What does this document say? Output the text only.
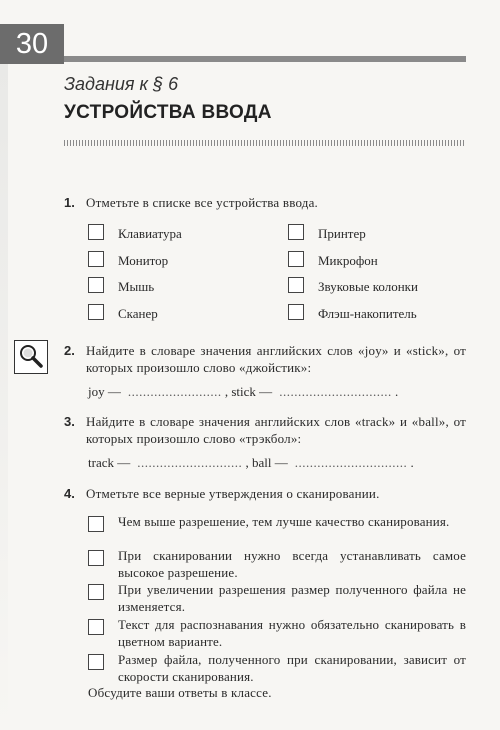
30
Задания к § 6
УСТРОЙСТВА ВВОДА
1. Отметьте в списке все устройства ввода.
Клавиатура
Монитор
Мышь
Сканер
Принтер
Микрофон
Звуковые колонки
Флэш-накопитель
2. Найдите в словаре значения английских слов «joy» и «stick», от которых произошло слово «джойстик»:
joy —  ......................... , stick —  .............................. .
3. Найдите в словаре значения английских слов «track» и «ball», от которых произошло слово «трэкбол»:
track —  ............................ , ball —  .............................. .
4. Отметьте все верные утверждения о сканировании.
Чем выше разрешение, тем лучше качество сканирования.
При сканировании нужно всегда устанавливать самое высокое разрешение.
При увеличении разрешения размер полученного файла не изменяется.
Текст для распознавания нужно обязательно сканировать в цветном варианте.
Размер файла, полученного при сканировании, зависит от скорости сканирования.
Обсудите ваши ответы в классе.
